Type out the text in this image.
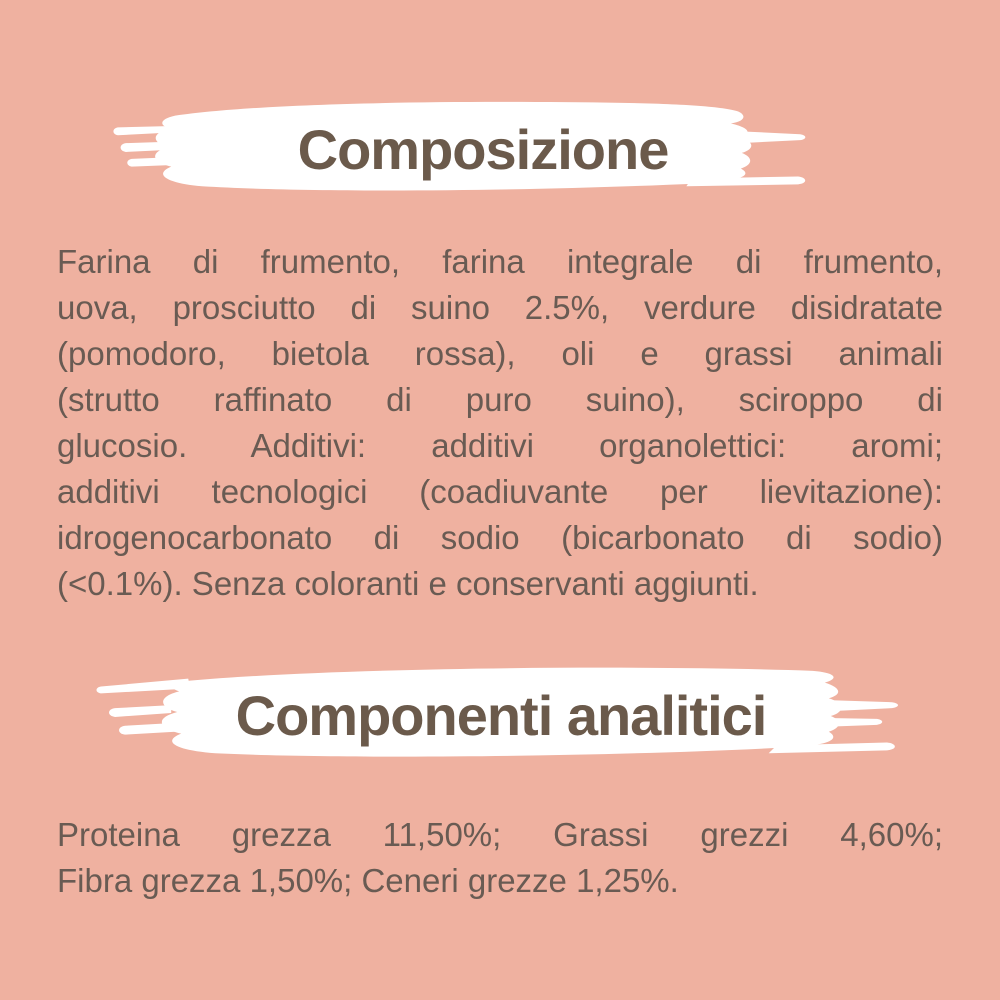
Composizione
Farina di frumento, farina integrale di frumento,
uova, prosciutto di suino 2.5%, verdure disidratate
(pomodoro, bietola rossa), oli e grassi animali
(strutto raffinato di puro suino), sciroppo di
glucosio. Additivi: additivi organolettici: aromi;
additivi tecnologici (coadiuvante per lievitazione):
idrogenocarbonato di sodio (bicarbonato di sodio)
(<0.1%). Senza coloranti e conservanti aggiunti.
Componenti analitici
Proteina grezza 11,50%; Grassi grezzi 4,60%;
Fibra grezza 1,50%; Ceneri grezze 1,25%.
